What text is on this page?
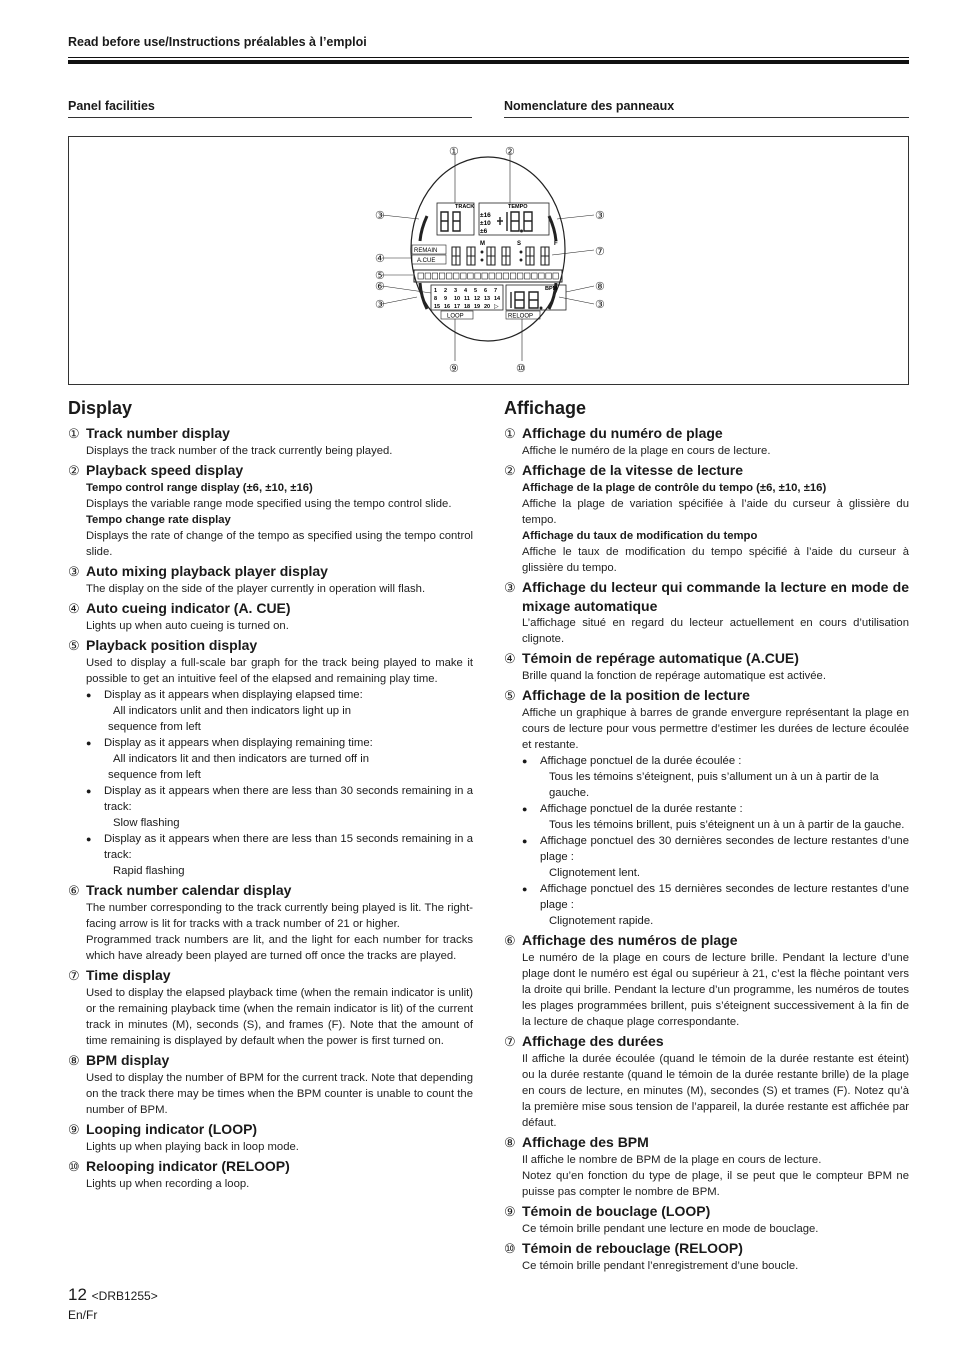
Read before use/Instructions préalables à l’emploi
Panel facilities	Nomenclature des panneaux
TRACK	TEMPO
±16
±10
±6
REMAIN
A.CUE
M	S	F
1 2 3 4 5 6 7
8 9 10 11 12 13 14
15 16 17 18 19 20 ▷
BPM
LOOP	RELOOP
①	②
③	③
④
⑦
⑤
⑥	⑧
③	③
⑨	⑩
Display
① Track number display
Displays the track number of the track currently being played.
② Playback speed display
Tempo control range display (±6, ±10, ±16)
Displays the variable range mode specified using the tempo control slide.
Tempo change rate display
Displays the rate of change of the tempo as specified using the tempo control slide.
③ Auto mixing playback player display
The display on the side of the player currently in operation will flash.
④ Auto cueing indicator (A. CUE)
Lights up when auto cueing is turned on.
⑤ Playback position display
Used to display a full-scale bar graph for the track being played to make it possible to get an intuitive feel of the elapsed and remaining play time.
● Display as it appears when displaying elapsed time:
All indicators unlit and then indicators light up in
sequence from left
● Display as it appears when displaying remaining time:
All indicators lit and then indicators are turned off in
sequence from left
● Display as it appears when there are less than 30 seconds remaining in a track:
Slow flashing
● Display as it appears when there are less than 15 seconds remaining in a track:
Rapid flashing
⑥ Track number calendar display
The number corresponding to the track currently being played is lit. The right-facing arrow is lit for tracks with a track number of 21 or higher.
Programmed track numbers are lit, and the light for each number for tracks which have already been played are turned off once the tracks are played.
⑦ Time display
Used to display the elapsed playback time (when the remain indicator is unlit) or the remaining playback time (when the remain indicator is lit) of the current track in minutes (M), seconds (S), and frames (F). Note that the amount of time remaining is displayed by default when the power is first turned on.
⑧ BPM display
Used to display the number of BPM for the current track. Note that depending on the track there may be times when the BPM counter is unable to count the number of BPM.
⑨ Looping indicator (LOOP)
Lights up when playing back in loop mode.
⑩ Relooping indicator (RELOOP)
Lights up when recording a loop.
Affichage
① Affichage du numéro de plage
Affiche le numéro de la plage en cours de lecture.
② Affichage de la vitesse de lecture
Affichage de la plage de contrôle du tempo (±6, ±10, ±16)
Affiche la plage de variation spécifiée à l’aide du curseur à glissière du tempo.
Affichage du taux de modification du tempo
Affiche le taux de modification du tempo spécifié à l’aide du curseur à glissière du tempo.
③ Affichage du lecteur qui commande la lecture en mode de mixage automatique
L’affichage situé en regard du lecteur actuellement en cours d’utilisation clignote.
④ Témoin de repérage automatique (A.CUE)
Brille quand la fonction de repérage automatique est activée.
⑤ Affichage de la position de lecture
Affiche un graphique à barres de grande envergure représentant la plage en cours de lecture pour vous permettre d’estimer les durées de lecture écoulée et restante.
● Affichage ponctuel de la durée écoulée :
Tous les témoins s’éteignent, puis s’allument un à un à partir de la gauche.
● Affichage ponctuel de la durée restante :
Tous les témoins brillent, puis s’éteignent un à un à partir de la gauche.
● Affichage ponctuel des 30 dernières secondes de lecture restantes d’une plage :
Clignotement lent.
● Affichage ponctuel des 15 dernières secondes de lecture restantes d’une plage :
Clignotement rapide.
⑥ Affichage des numéros de plage
Le numéro de la plage en cours de lecture brille. Pendant la lecture d’une plage dont le numéro est égal ou supérieur à 21, c’est la flèche pointant vers la droite qui brille. Pendant la lecture d’un programme, les numéros de toutes les plages programmées brillent, puis s’éteignent successivement à la fin de la lecture de chaque plage correspondante.
⑦ Affichage des durées
Il affiche la durée écoulée (quand le témoin de la durée restante est éteint) ou la durée restante (quand le témoin de la durée restante brille) de la plage en cours de lecture, en minutes (M), secondes (S) et trames (F). Notez qu’à la première mise sous tension de l’appareil, la durée restante est affichée par défaut.
⑧ Affichage des BPM
Il affiche le nombre de BPM de la plage en cours de lecture.
Notez qu’en fonction du type de plage, il se peut que le compteur BPM ne puisse pas compter le nombre de BPM.
⑨ Témoin de bouclage (LOOP)
Ce témoin brille pendant une lecture en mode de bouclage.
⑩ Témoin de rebouclage (RELOOP)
Ce témoin brille pendant l’enregistrement d’une boucle.
12 <DRB1255>
En/Fr
